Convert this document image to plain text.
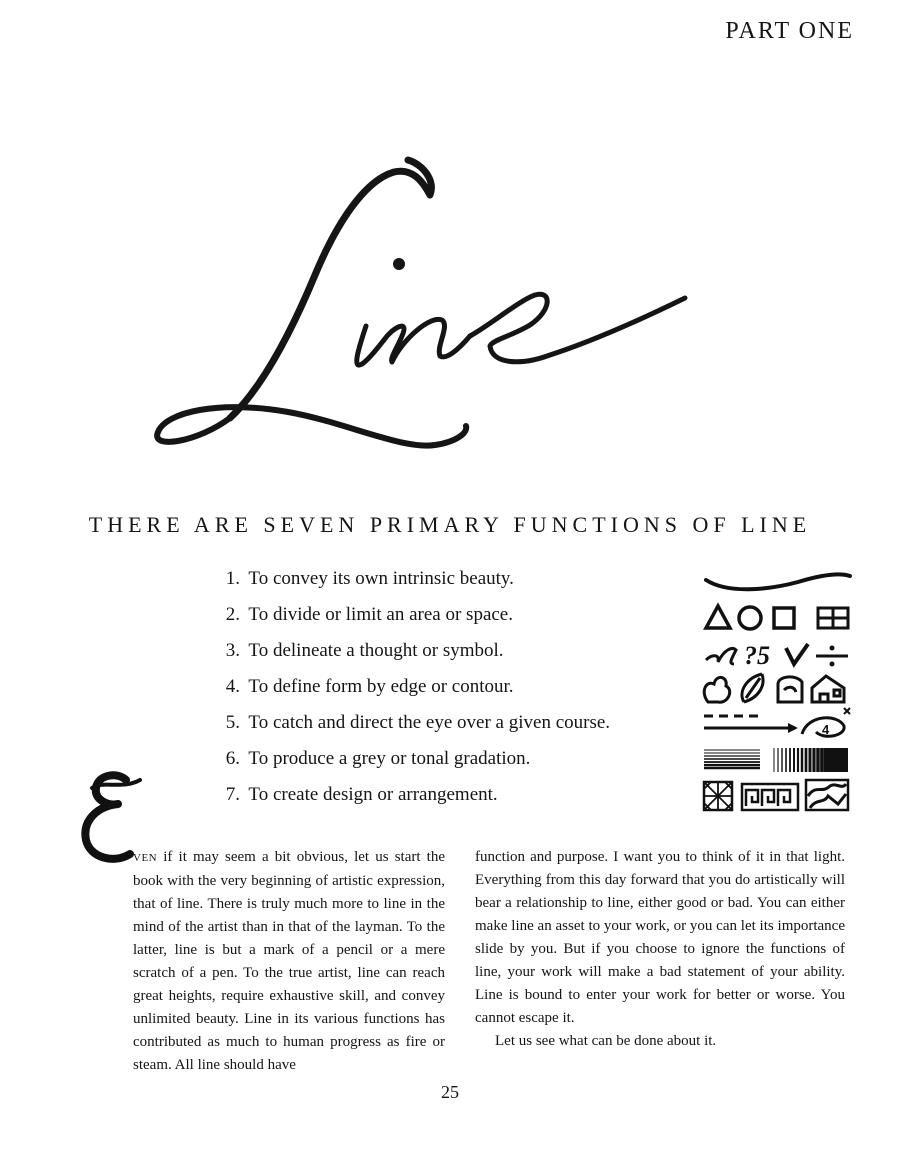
PART ONE
THERE ARE SEVEN PRIMARY FUNCTIONS OF LINE
1. To convey its own intrinsic beauty.
2. To divide or limit an area or space.
3. To delineate a thought or symbol.
4. To define form by edge or contour.
5. To catch and direct the eye over a given course.
6. To produce a grey or tonal gradation.
7. To create design or arrangement.
?5
4

VEN if it may seem a bit obvious, let us start the book with the very beginning of artistic expression, that of line. There is truly much more to line in the mind of the artist than in that of the layman. To the latter, line is but a mark of a pencil or a mere scratch of a pen. To the true artist, line can reach great heights, require exhaustive skill, and convey unlimited beauty. Line in its various functions has contributed as much to human progress as fire or steam. All line should have

function and purpose. I want you to think of it in that light. Everything from this day forward that you do artistically will bear a relationship to line, either good or bad. You can either make line an asset to your work, or you can let its importance slide by you. But if you choose to ignore the functions of line, your work will make a bad statement of your ability. Line is bound to enter your work for better or worse. You cannot escape it.

Let us see what can be done about it.

25
